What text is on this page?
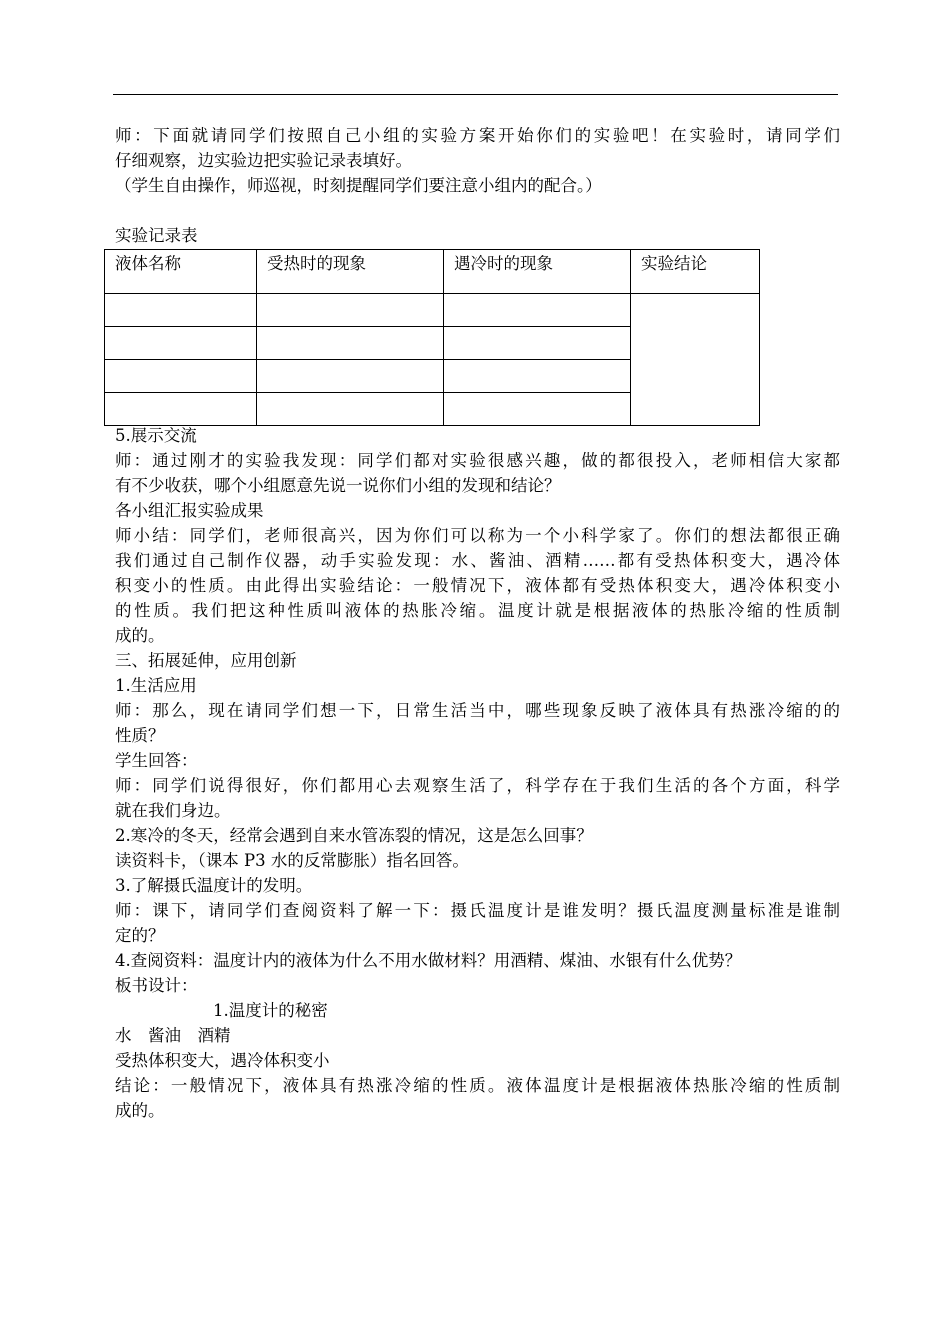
师：下面就请同学们按照自己小组的实验方案开始你们的实验吧！在实验时，请同学们
仔细观察，边实验边把实验记录表填好。
（学生自由操作，师巡视，时刻提醒同学们要注意小组内的配合。）
实验记录表
液体名称	受热时的现象	遇冷时的现象	实验结论

5.展示交流
师：通过刚才的实验我发现：同学们都对实验很感兴趣，做的都很投入，老师相信大家都
有不少收获，哪个小组愿意先说一说你们小组的发现和结论？
各小组汇报实验成果
师小结：同学们，老师很高兴，因为你们可以称为一个小科学家了。你们的想法都很正确
我们通过自己制作仪器，动手实验发现：水、酱油、酒精……都有受热体积变大，遇冷体
积变小的性质。由此得出实验结论：一般情况下，液体都有受热体积变大，遇冷体积变小
的性质。我们把这种性质叫液体的热胀冷缩。温度计就是根据液体的热胀冷缩的性质制
成的。
三、拓展延伸，应用创新
1.生活应用
师：那么，现在请同学们想一下，日常生活当中，哪些现象反映了液体具有热涨冷缩的的
性质？
学生回答：
师：同学们说得很好，你们都用心去观察生活了，科学存在于我们生活的各个方面，科学
就在我们身边。
2.寒冷的冬天，经常会遇到自来水管冻裂的情况，这是怎么回事？
读资料卡，（课本 P3 水的反常膨胀）指名回答。
3.了解摄氏温度计的发明。
师：课下，请同学们查阅资料了解一下：摄氏温度计是谁发明？摄氏温度测量标准是谁制
定的？
4.查阅资料：温度计内的液体为什么不用水做材料？用酒精、煤油、水银有什么优势？
板书设计：
1.温度计的秘密
水　酱油　酒精
受热体积变大，遇冷体积变小
结论：一般情况下，液体具有热涨冷缩的性质。液体温度计是根据液体热胀冷缩的性质制
成的。
